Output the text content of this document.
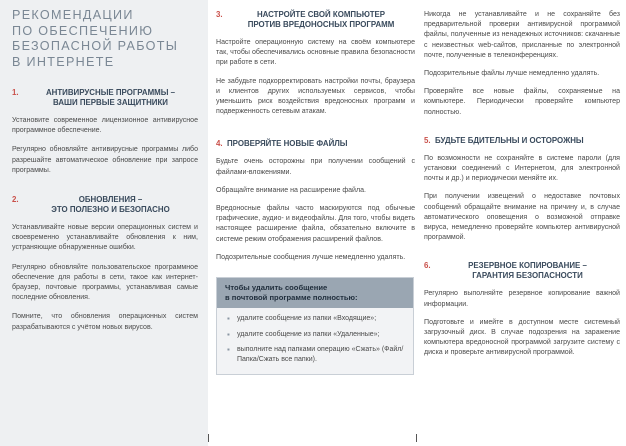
РЕКОМЕНДАЦИИ
ПО ОБЕСПЕЧЕНИЮ
БЕЗОПАСНОЙ РАБОТЫ
В ИНТЕРНЕТЕ
1.	АНТИВИРУСНЫЕ ПРОГРАММЫ –
ВАШИ ПЕРВЫЕ ЗАЩИТНИКИ

Установите современное лицензионное антивирусное программное обеспечение.

Регулярно обновляйте антивирусные программы либо разрешайте автоматическое обновление при запросе программы.

2.	ОБНОВЛЕНИЯ –
ЭТО ПОЛЕЗНО И БЕЗОПАСНО

Устанавливайте новые версии операционных систем и своевременно устанавливайте обновления к ним, устраняющие обнаруженные ошибки.

Регулярно обновляйте пользовательское программное обеспечение для работы в сети, такое как интернет-браузер, почтовые программы, устанавливая самые последние обновления.

Помните, что обновления операционных систем разрабатываются с учётом новых вирусов.

3.	НАСТРОЙТЕ СВОЙ КОМПЬЮТЕР
ПРОТИВ ВРЕДОНОСНЫХ ПРОГРАММ

Настройте операционную систему на своём компьютере так, чтобы обеспечивались основные правила безопасности при работе в сети.

Не забудьте подкорректировать настройки почты, браузера и клиентов других используемых сервисов, чтобы уменьшить риск воздействия вредоносных программ и подверженность сетевым атакам.

4. ПРОВЕРЯЙТЕ НОВЫЕ ФАЙЛЫ

Будьте очень осторожны при получении сообщений с файлами-вложениями.

Обращайте внимание на расширение файла.

Вредоносные файлы часто маскируются под обычные графические, аудио- и видеофайлы. Для того, чтобы видеть настоящее расширение файла, обязательно включите в системе режим отображения расширений файлов.

Подозрительные сообщения лучше немедленно удалять.

Чтобы удалить сообщение
в почтовой программе полностью:
▪	удалите сообщение из папки «Входящие»;
▪	удалите сообщение из папки «Удаленные»;
▪	выполните над папками операцию «Сжать» (Файл/Папка/Сжать все папки).

Никогда не устанавливайте и не сохраняйте без предварительной проверки антивирусной программой файлы, полученные из ненадежных источников: скачанные с неизвестных web-сайтов, присланные по электронной почте, полученные в телеконференциях.

Подозрительные файлы лучше немедленно удалять.

Проверяйте все новые файлы, сохраняемые на компьютере. Периодически проверяйте компьютер полностью.

5. БУДЬТЕ БДИТЕЛЬНЫ И ОСТОРОЖНЫ

По возможности не сохраняйте в системе пароли (для установки соединений с Интернетом, для электронной почты и др.) и периодически меняйте их.

При получении извещений о недоставке почтовых сообщений обращайте внимание на причину и, в случае автоматического оповещения о возможной отправке вируса, немедленно проверяйте компьютер антивирусной программой.

6.	РЕЗЕРВНОЕ КОПИРОВАНИЕ –
ГАРАНТИЯ БЕЗОПАСНОСТИ

Регулярно выполняйте резервное копирование важной информации.

Подготовьте и имейте в доступном месте системный загрузочный диск. В случае подозрения на заражение компьютера вредоносной программой загрузите систему с диска и проверьте антивирусной программой.
